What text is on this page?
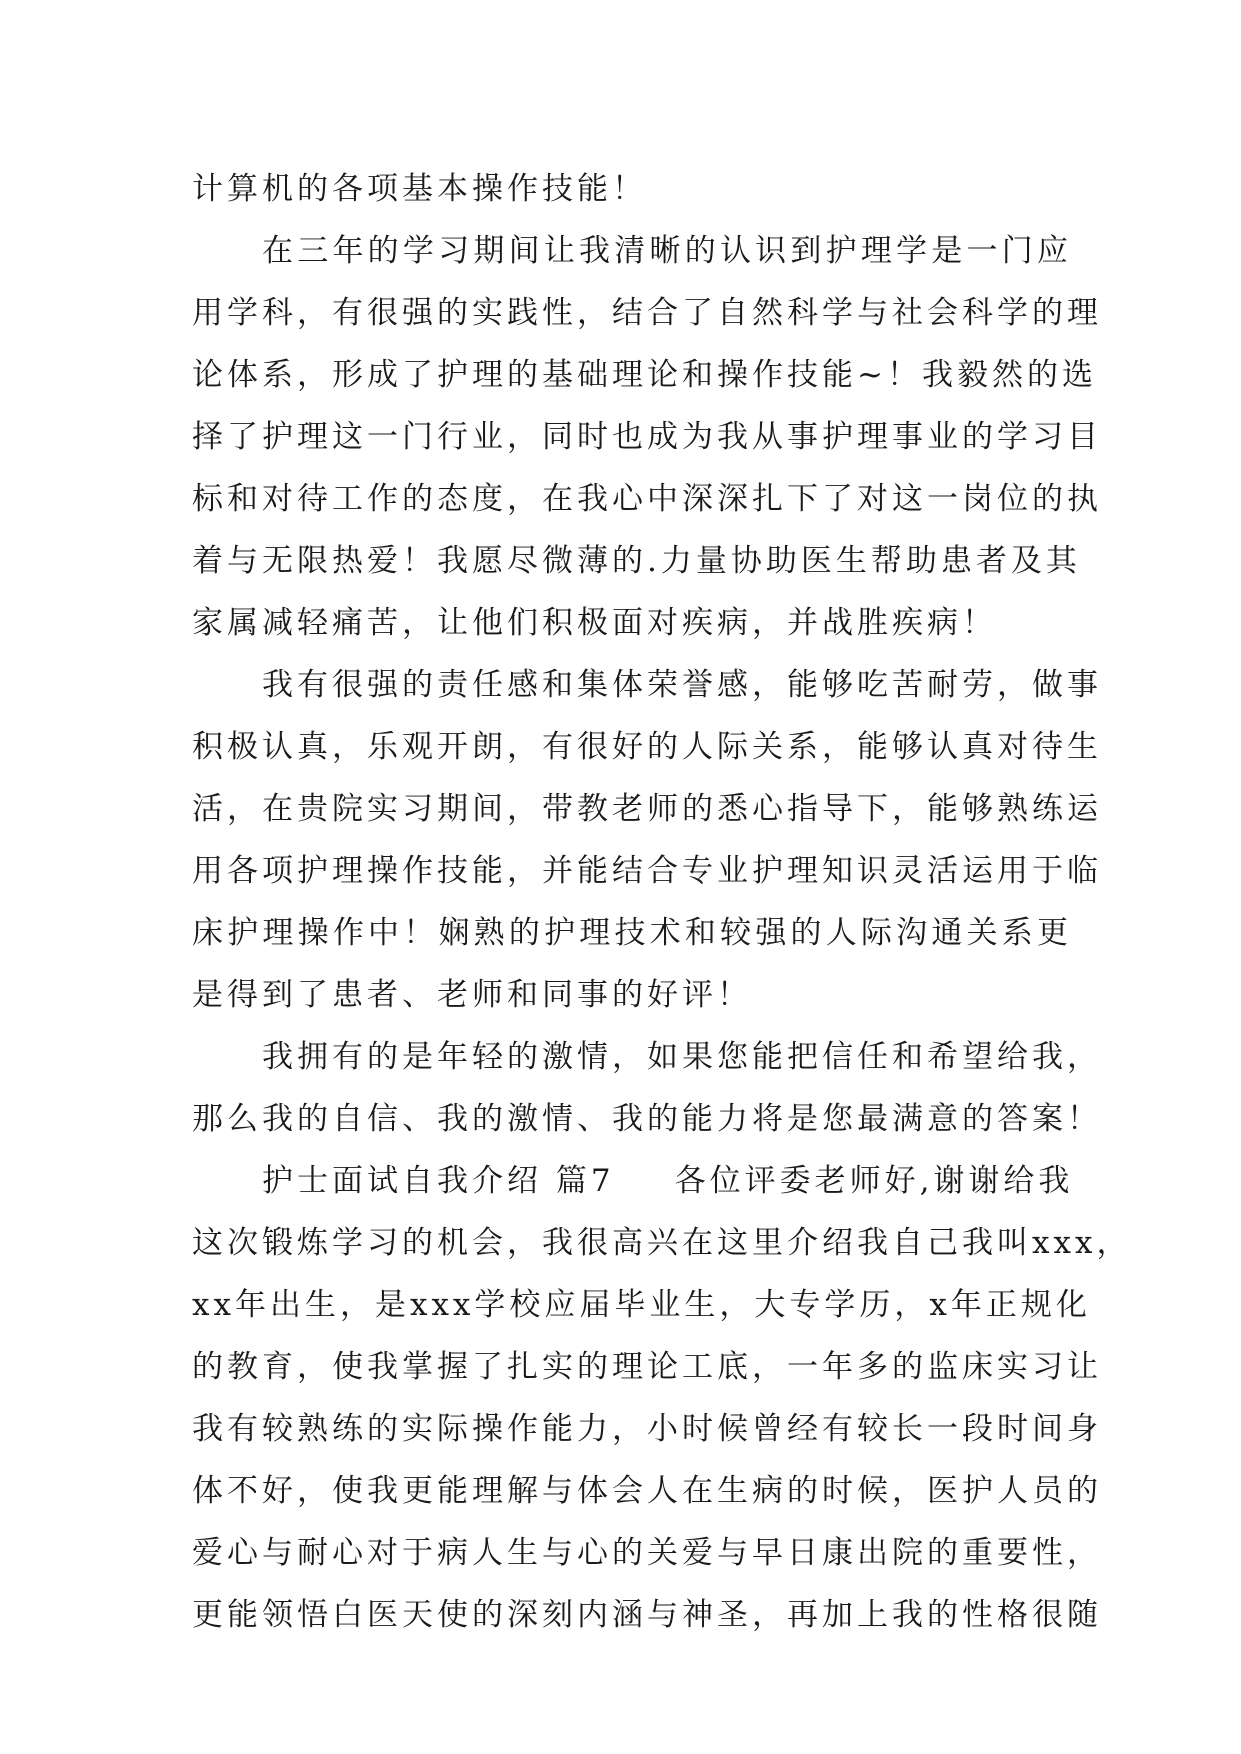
计算机的各项基本操作技能！
在三年的学习期间让我清晰的认识到护理学是一门应
用学科，有很强的实践性，结合了自然科学与社会科学的理
论体系，形成了护理的基础理论和操作技能~！我毅然的选
择了护理这一门行业，同时也成为我从事护理事业的学习目
标和对待工作的态度，在我心中深深扎下了对这一岗位的执
着与无限热爱！我愿尽微薄的.力量协助医生帮助患者及其
家属减轻痛苦，让他们积极面对疾病，并战胜疾病！
我有很强的责任感和集体荣誉感，能够吃苦耐劳，做事
积极认真，乐观开朗，有很好的人际关系，能够认真对待生
活，在贵院实习期间，带教老师的悉心指导下，能够熟练运
用各项护理操作技能，并能结合专业护理知识灵活运用于临
床护理操作中！娴熟的护理技术和较强的人际沟通关系更
是得到了患者、老师和同事的好评！
我拥有的是年轻的激情，如果您能把信任和希望给我，
那么我的自信、我的激情、我的能力将是您最满意的答案！
护士面试自我介绍 篇7 各位评委老师好,谢谢给我
这次锻炼学习的机会，我很高兴在这里介绍我自己我叫xxx，
xx年出生，是xxx学校应届毕业生，大专学历，x年正规化
的教育，使我掌握了扎实的理论工底，一年多的监床实习让
我有较熟练的实际操作能力，小时候曾经有较长一段时间身
体不好，使我更能理解与体会人在生病的时候，医护人员的
爱心与耐心对于病人生与心的关爱与早日康出院的重要性，
更能领悟白医天使的深刻内涵与神圣，再加上我的性格很随
